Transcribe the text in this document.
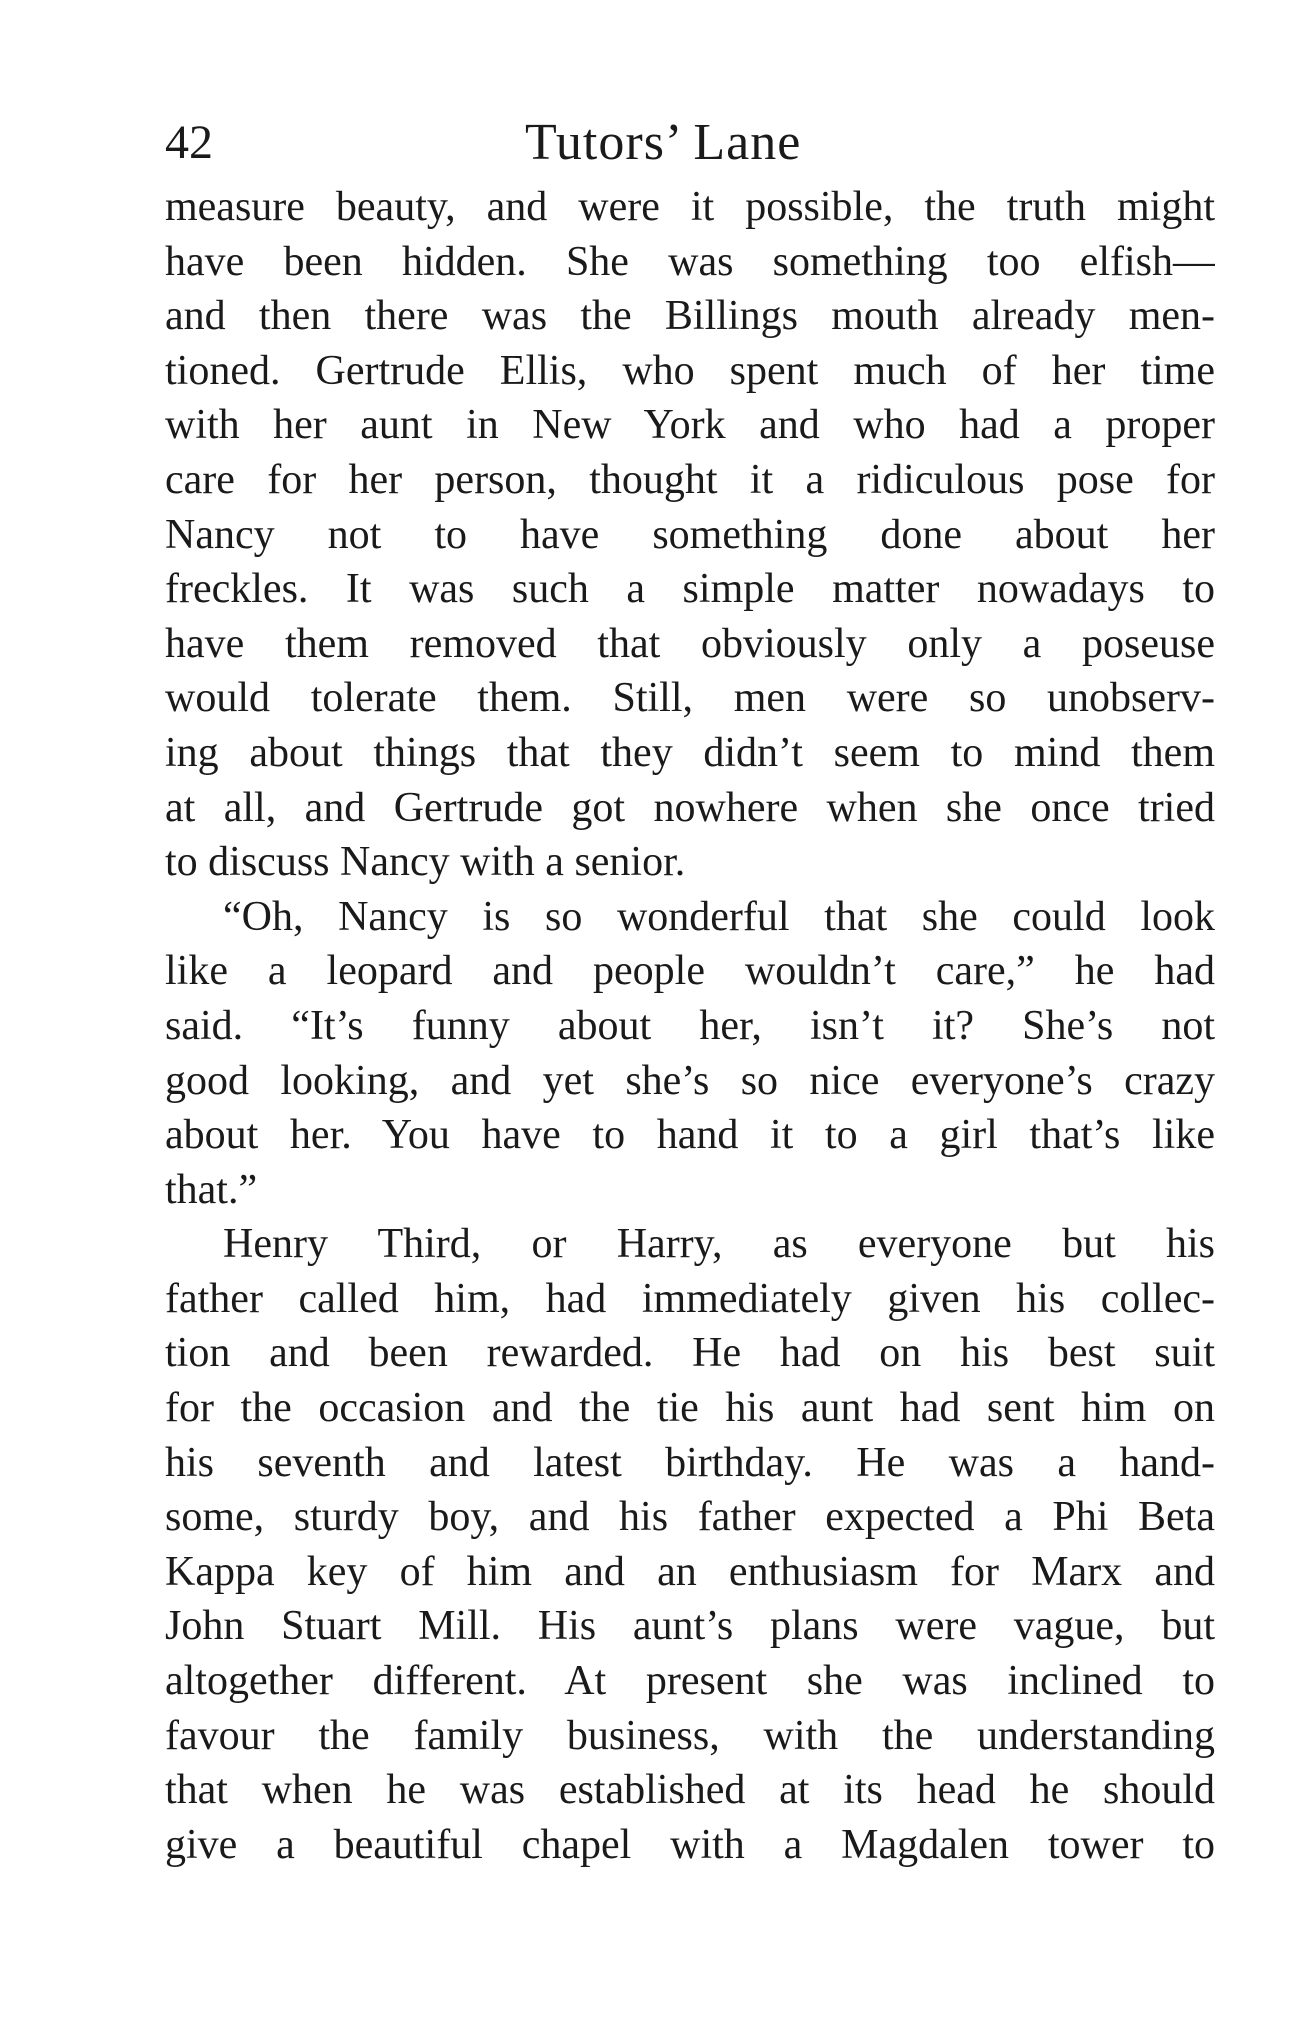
42	Tutors’ Lane
measure beauty, and were it possible, the truth might
have been hidden. She was something too elfish—
and then there was the Billings mouth already men-
tioned. Gertrude Ellis, who spent much of her time
with her aunt in New York and who had a proper
care for her person, thought it a ridiculous pose for
Nancy not to have something done about her
freckles. It was such a simple matter nowadays to
have them removed that obviously only a poseuse
would tolerate them. Still, men were so unobserv-
ing about things that they didn’t seem to mind them
at all, and Gertrude got nowhere when she once tried
to discuss Nancy with a senior.
“Oh, Nancy is so wonderful that she could look
like a leopard and people wouldn’t care,” he had
said. “It’s funny about her, isn’t it? She’s not
good looking, and yet she’s so nice everyone’s crazy
about her. You have to hand it to a girl that’s like
that.”
Henry Third, or Harry, as everyone but his
father called him, had immediately given his collec-
tion and been rewarded. He had on his best suit
for the occasion and the tie his aunt had sent him on
his seventh and latest birthday. He was a hand-
some, sturdy boy, and his father expected a Phi Beta
Kappa key of him and an enthusiasm for Marx and
John Stuart Mill. His aunt’s plans were vague, but
altogether different. At present she was inclined to
favour the family business, with the understanding
that when he was established at its head he should
give a beautiful chapel with a Magdalen tower to
